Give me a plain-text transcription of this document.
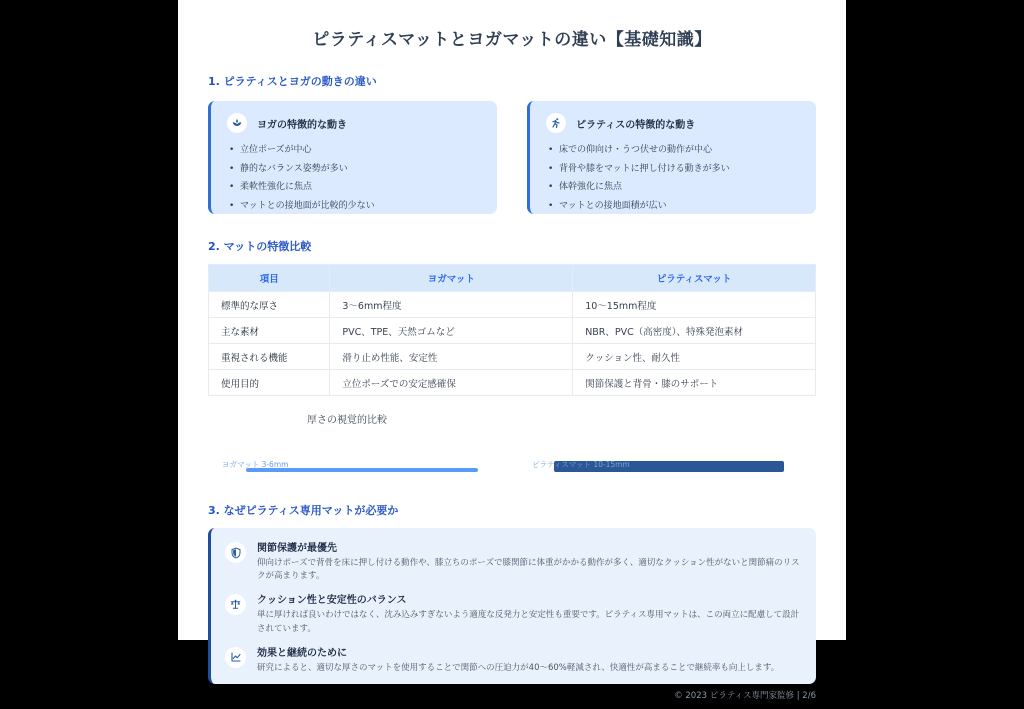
ピラティスマットとヨガマットの違い【基礎知識】
1. ピラティスとヨガの動きの違い
ヨガの特徴的な動き
• 立位ポーズが中心
• 静的なバランス姿勢が多い
• 柔軟性強化に焦点
• マットとの接地面が比較的少ない
ピラティスの特徴的な動き
• 床での仰向け・うつ伏せの動作が中心
• 背骨や膝をマットに押し付ける動きが多い
• 体幹強化に焦点
• マットとの接地面積が広い
2. マットの特徴比較
項目	ヨガマット	ピラティスマット
標準的な厚さ	3〜6mm程度	10〜15mm程度
主な素材	PVC、TPE、天然ゴムなど	NBR、PVC（高密度）、特殊発泡素材
重視される機能	滑り止め性能、安定性	クッション性、耐久性
使用目的	立位ポーズでの安定感確保	関節保護と背骨・膝のサポート
厚さの視覚的比較
ヨガマット 3-6mm	ピラティスマット 10-15mm
3. なぜピラティス専用マットが必要か
関節保護が最優先
仰向けポーズで背骨を床に押し付ける動作や、膝立ちのポーズで膝関節に体重がかかる動作が多く、適切なクッション性がないと関節痛のリスクが高まります。
クッション性と安定性のバランス
単に厚ければ良いわけではなく、沈み込みすぎないよう適度な反発力と安定性も重要です。ピラティス専用マットは、この両立に配慮して設計されています。
効果と継続のために
研究によると、適切な厚さのマットを使用することで関節への圧迫力が40〜60%軽減され、快適性が高まることで継続率も向上します。
© 2023 ピラティス専門家監修 | 2/6
